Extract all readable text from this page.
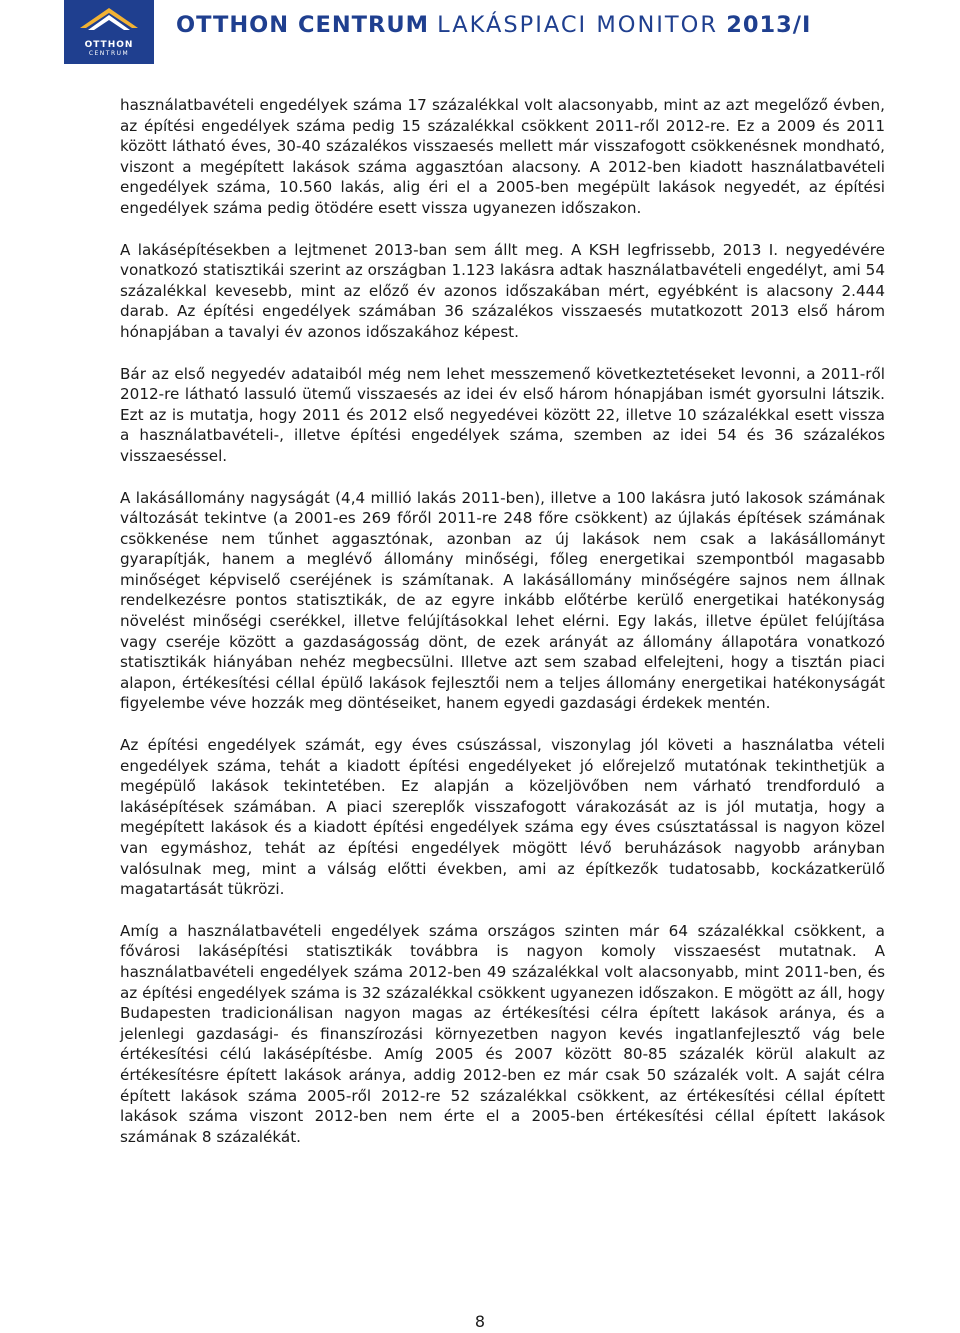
OTTHON
CENTRUM
OTTHON CENTRUM LAKÁSPIACI MONITOR 2013/I

használatbavételi engedélyek száma 17 százalékkal volt alacsonyabb, mint az azt megelőző évben, az építési engedélyek száma pedig 15 százalékkal csökkent 2011-ről 2012-re. Ez a 2009 és 2011 között látható éves, 30-40 százalékos visszaesés mellett már visszafogott csökkenésnek mondható, viszont a megépített lakások száma aggasztóan alacsony. A 2012-ben kiadott használatbavételi engedélyek száma, 10.560 lakás, alig éri el a 2005-ben megépült lakások negyedét, az építési engedélyek száma pedig ötödére esett vissza ugyanezen időszakon.

A lakásépítésekben a lejtmenet 2013-ban sem állt meg. A KSH legfrissebb, 2013 I. negyedévére vonatkozó statisztikái szerint az országban 1.123 lakásra adtak használatbavételi engedélyt, ami 54 százalékkal kevesebb, mint az előző év azonos időszakában mért, egyébként is alacsony 2.444 darab. Az építési engedélyek számában 36 százalékos visszaesés mutatkozott 2013 első három hónapjában a tavalyi év azonos időszakához képest.

Bár az első negyedév adataiból még nem lehet messzemenő következtetéseket levonni, a 2011-ről 2012-re látható lassuló ütemű visszaesés az idei év első három hónapjában ismét gyorsulni látszik. Ezt az is mutatja, hogy 2011 és 2012 első negyedévei között 22, illetve 10 százalékkal esett vissza a használatbavételi-, illetve építési engedélyek száma, szemben az idei 54 és 36 százalékos visszaeséssel.

A lakásállomány nagyságát (4,4 millió lakás 2011-ben), illetve a 100 lakásra jutó lakosok számának változását tekintve (a 2001-es 269 főről 2011-re 248 főre csökkent) az újlakás építések számának csökkenése nem tűnhet aggasztónak, azonban az új lakások nem csak a lakásállományt gyarapítják, hanem a meglévő állomány minőségi, főleg energetikai szempontból magasabb minőséget képviselő cseréjének is számítanak. A lakásállomány minőségére sajnos nem állnak rendelkezésre pontos statisztikák, de az egyre inkább előtérbe kerülő energetikai hatékonyság növelést minőségi cserékkel, illetve felújításokkal lehet elérni. Egy lakás, illetve épület felújítása vagy cseréje között a gazdaságosság dönt, de ezek arányát az állomány állapotára vonatkozó statisztikák hiányában nehéz megbecsülni. Illetve azt sem szabad elfelejteni, hogy a tisztán piaci alapon, értékesítési céllal épülő lakások fejlesztői nem a teljes állomány energetikai hatékonyságát figyelembe véve hozzák meg döntéseiket, hanem egyedi gazdasági érdekek mentén.

Az építési engedélyek számát, egy éves csúszással, viszonylag jól követi a használatba vételi engedélyek száma, tehát a kiadott építési engedélyeket jó előrejelző mutatónak tekinthetjük a megépülő lakások tekintetében. Ez alapján a közeljövőben nem várható trendforduló a lakásépítések számában. A piaci szereplők visszafogott várakozását az is jól mutatja, hogy a megépített lakások és a kiadott építési engedélyek száma egy éves csúsztatással is nagyon közel van egymáshoz, tehát az építési engedélyek mögött lévő beruházások nagyobb arányban valósulnak meg, mint a válság előtti években, ami az építkezők tudatosabb, kockázatkerülő magatartását tükrözi.

Amíg a használatbavételi engedélyek száma országos szinten már 64 százalékkal csökkent, a fővárosi lakásépítési statisztikák továbbra is nagyon komoly visszaesést mutatnak. A használatbavételi engedélyek száma 2012-ben 49 százalékkal volt alacsonyabb, mint 2011-ben, és az építési engedélyek száma is 32 százalékkal csökkent ugyanezen időszakon. E mögött az áll, hogy Budapesten tradicionálisan nagyon magas az értékesítési célra épített lakások aránya, és a jelenlegi gazdasági- és finanszírozási környezetben nagyon kevés ingatlanfejlesztő vág bele értékesítési célú lakásépítésbe. Amíg 2005 és 2007 között 80-85 százalék körül alakult az értékesítésre épített lakások aránya, addig 2012-ben ez már csak 50 százalék volt. A saját célra épített lakások száma 2005-ről 2012-re 52 százalékkal csökkent, az értékesítési céllal épített lakások száma viszont 2012-ben nem érte el a 2005-ben értékesítési céllal épített lakások számának 8 százalékát.

8
